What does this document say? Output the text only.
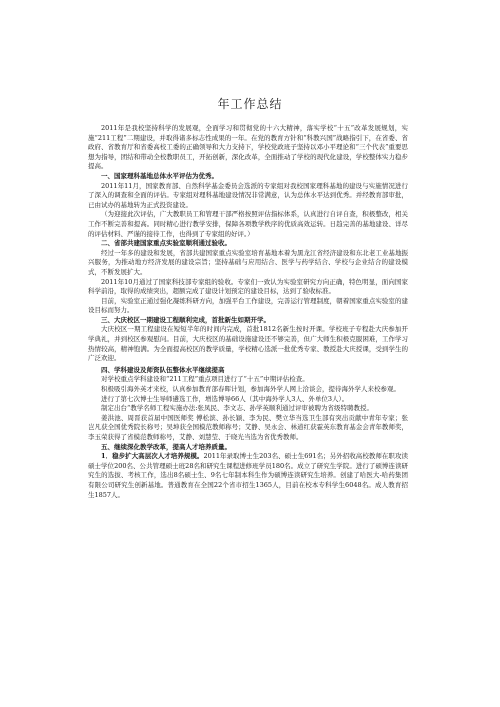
年工作总结

2011年是我校坚持科学的发展观，全面学习和贯彻党的十六大精神，落实学校“十五”改革发展规划，实施“211工程”二期建设，并取得诸多标志性成果的一年。在党的教育方针和“科教兴国”战略指引下，在省委、省政府、省教育厅和省委高校工委的正确领导和大力支持下，学校党政班子坚持以邓小平理论和“三个代表”重要思想为指导，团结和带动全校教职员工，开拓创新，深化改革，全面推动了学校的现代化建设，学校整体实力稳步提高。

一、国家理科基地总体水平评估为优秀。

2011年11月，国家教育部、自然科学基金委员会选派的专家组对我校国家理科基地的建设与实施情况进行了深入的调查和全面的评估。专家组对理科基地建设情况非常满意，认为总体水平达到优秀。并经教育部审批，已由试办的基地转为正式投资建设。

（为迎接此次评估，广大教职员工和管理干部严格按照评估指标体系，认真进行自评自查，积极整改，相关工作不断完善和提高。同时精心进行教学安排，保障各项教学秩序的优质高效运转。日趋完善的基地建设、详尽的评估材料、严谨的接待工作，也得到了专家组的好评。）

二、省部共建国家重点实验室顺利通过验收。

经过一年多的建设和发展，省部共建国家重点实验室培育基地本着为黑龙江省经济建设和东北老工业基地振兴服务，为推动地方经济发展的建设宗旨；坚持基础与应用结合、医学与药学结合、学校与企业结合的建设模式，不断发展扩大。

2011年10月通过了国家科技部专家组的验收。专家们一致认为实验室研究方向正确，特色明显，面向国家科学前沿，取得的成绩突出，超额完成了建设计划预定的建设目标，达到了验收标准。

目前，实验室正通过强化凝练科研方向，加强平台工作建设，完善运行管理制度，朝着国家重点实验室的建设目标而努力。

三、大庆校区一期建设工程顺利完成，首批新生如期开学。

大庆校区一期工程建设在短短半年的时间内完成，首批1812名新生按时开课。学校班子专程赴大庆参加开学典礼，并到校区参观慰问。目前，大庆校区的基础设施建设还不够完善，但广大师生积极克服困难，工作学习热情较高，精神饱满。为全面提高校区的教学质量，学校精心选派一批优秀专家、教授赴大庆授课，受到学生的广泛欢迎。

四、学科建设及师资队伍整体水平继续提高

对学校重点学科建设和“211工程”重点项目进行了“十五”中期评估检查。

积极吸引海外英才来校，认真参加教育部春晖计划，参加海外学人网上洽谈会，提待海外学人来校参观。

进行了第七次博士生导师遴选工作，增选博导66人（其中海外学人3人、外单位3人）。

制定出台“教学名师工程实施办法:张凤民、李文志、孙学英顺利通过评审被聘为省级特聘教授。

姜洪池、周晋获首届中国医师奖 傅松滨、孙长颖、李为民、樊立华当选卫生部有突出贡献中青年专家；张岂凡获全国优秀院长称号；吴坤获全国模范教师称号；艾静、吴永会、林道红获霍英东教育基金会青年教师奖，李玉荣获得了省模范教师称号，艾静、刘慧莹、于晓光当选为省优秀教师。

五、继续深化教学改革，提高人才培养质量。

1．稳步扩大高层次人才培养规模。2011年录取博士生203名、硕士生691名；另外招收高校教师在职攻读硕士学位200名、公共管理硕士班28名和研究生课程进修班学员180名。成立了研究生学院。进行了硕博连读研究生的选拔、考核工作，选出8名硕士生、9名七年制本科生作为硕博连读研究生培养。创建了哈医大-哈药集团有限公司研究生创新基地。普通教育在全国22个省市招生1365人，目前在校本专科学生6048名。成人教育招生1857人。
